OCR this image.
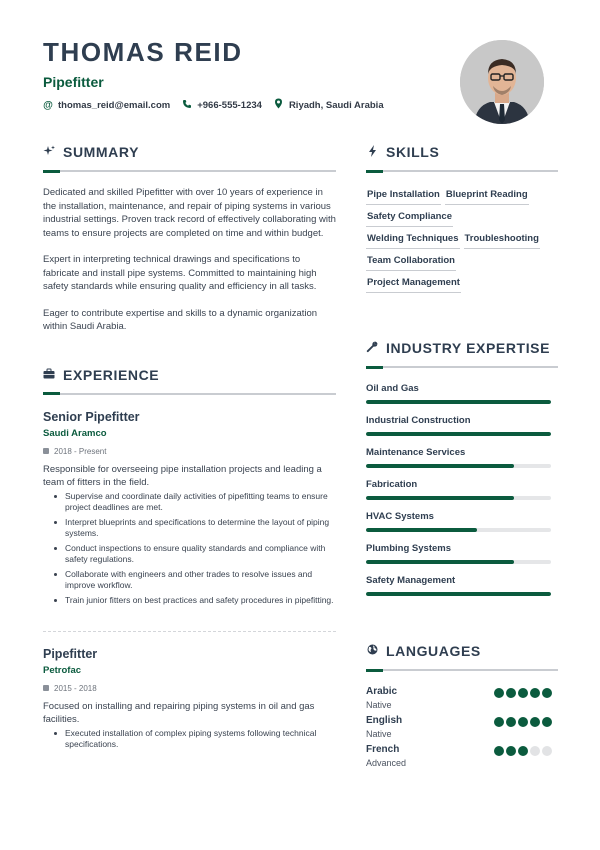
THOMAS REID
Pipefitter
@ thomas_reid@email.com	+966-555-1234	Riyadh, Saudi Arabia
SUMMARY

Dedicated and skilled Pipefitter with over 10 years of experience in the installation, maintenance, and repair of piping systems in various industrial settings. Proven track record of effectively collaborating with teams to ensure projects are completed on time and within budget.

Expert in interpreting technical drawings and specifications to fabricate and install pipe systems. Committed to maintaining high safety standards while ensuring quality and efficiency in all tasks.

Eager to contribute expertise and skills to a dynamic organization within Saudi Arabia.

EXPERIENCE
Senior Pipefitter
Saudi Aramco
2018 - Present
Responsible for overseeing pipe installation projects and leading a team of fitters in the field.
Supervise and coordinate daily activities of pipefitting teams to ensure project deadlines are met.
Interpret blueprints and specifications to determine the layout of piping systems.
Conduct inspections to ensure quality standards and compliance with safety regulations.
Collaborate with engineers and other trades to resolve issues and improve workflow.
Train junior fitters on best practices and safety procedures in pipefitting.
Pipefitter
Petrofac
2015 - 2018
Focused on installing and repairing piping systems in oil and gas facilities.
Executed installation of complex piping systems following technical specifications.
SKILLS
Pipe Installation Blueprint Reading
Safety Compliance
Welding Techniques Troubleshooting
Team Collaboration
Project Management
INDUSTRY EXPERTISE
Oil and Gas
Industrial Construction
Maintenance Services
Fabrication
HVAC Systems
Plumbing Systems
Safety Management
LANGUAGES
Arabic
Native
English
Native
French
Advanced
